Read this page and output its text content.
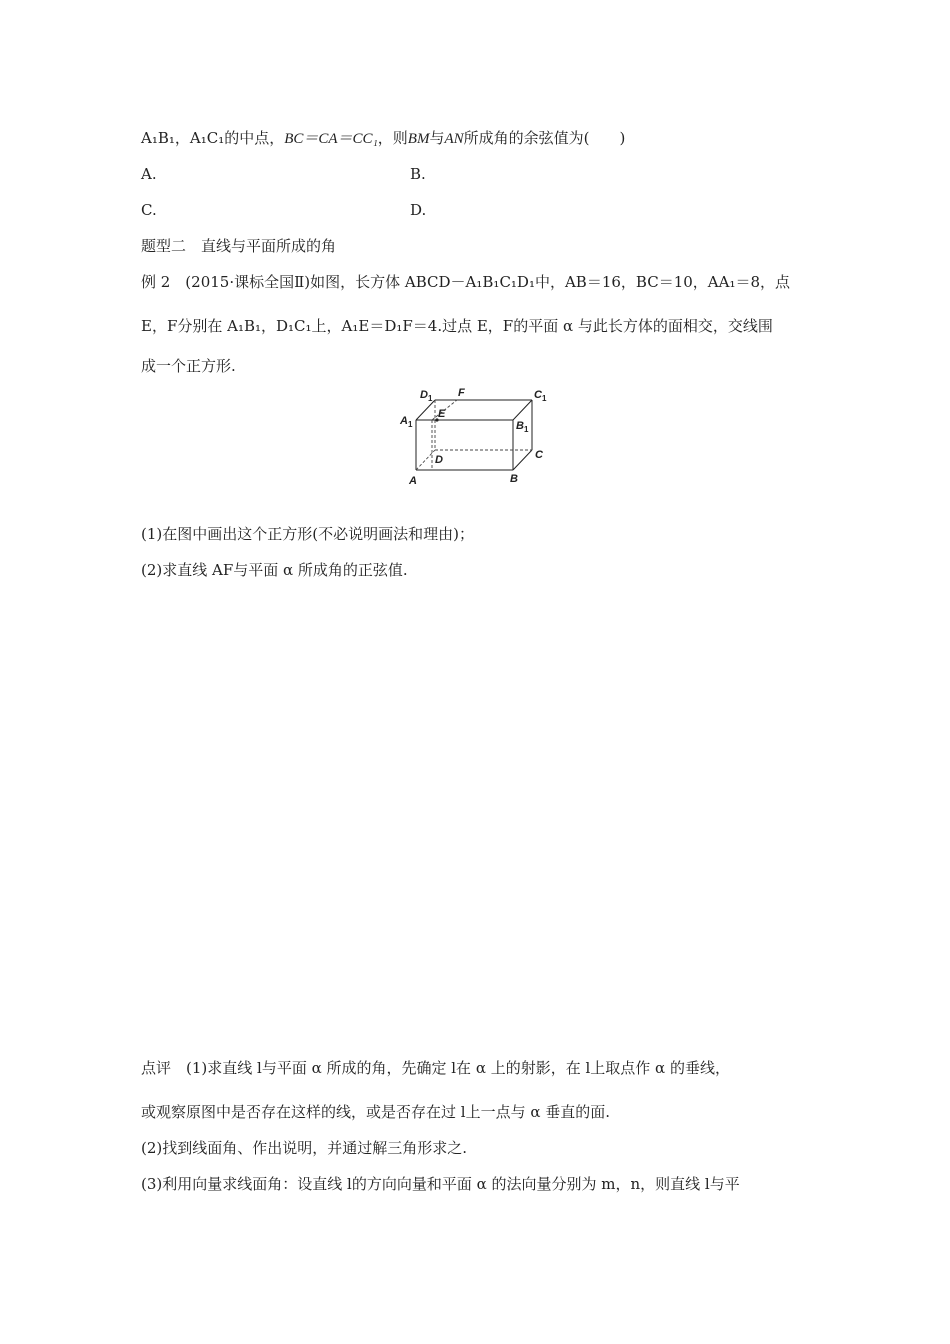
A₁B₁，A₁C₁的中点，BC＝CA＝CC₁，则BM与AN所成角的余弦值为(　　)
A.	B.
C.	D.
题型二　直线与平面所成的角
例 2　(2015·课标全国Ⅱ)如图，长方体 ABCD－A₁B₁C₁D₁中，AB＝16，BC＝10，AA₁＝8，点
E，F分别在 A₁B₁，D₁C₁上，A₁E＝D₁F＝4.过点 E，F的平面 α 与此长方体的面相交，交线围
成一个正方形.
D 1 F	C 1
A 1
E
B 1
D	C
A	B
(1)在图中画出这个正方形(不必说明画法和理由)；
(2)求直线 AF与平面 α 所成角的正弦值.
点评　(1)求直线 l与平面 α 所成的角，先确定 l在 α 上的射影，在 l上取点作 α 的垂线，
或观察原图中是否存在这样的线，或是否存在过 l上一点与 α 垂直的面.
(2)找到线面角、作出说明，并通过解三角形求之.
(3)利用向量求线面角：设直线 l的方向向量和平面 α 的法向量分别为 m，n，则直线 l与平
